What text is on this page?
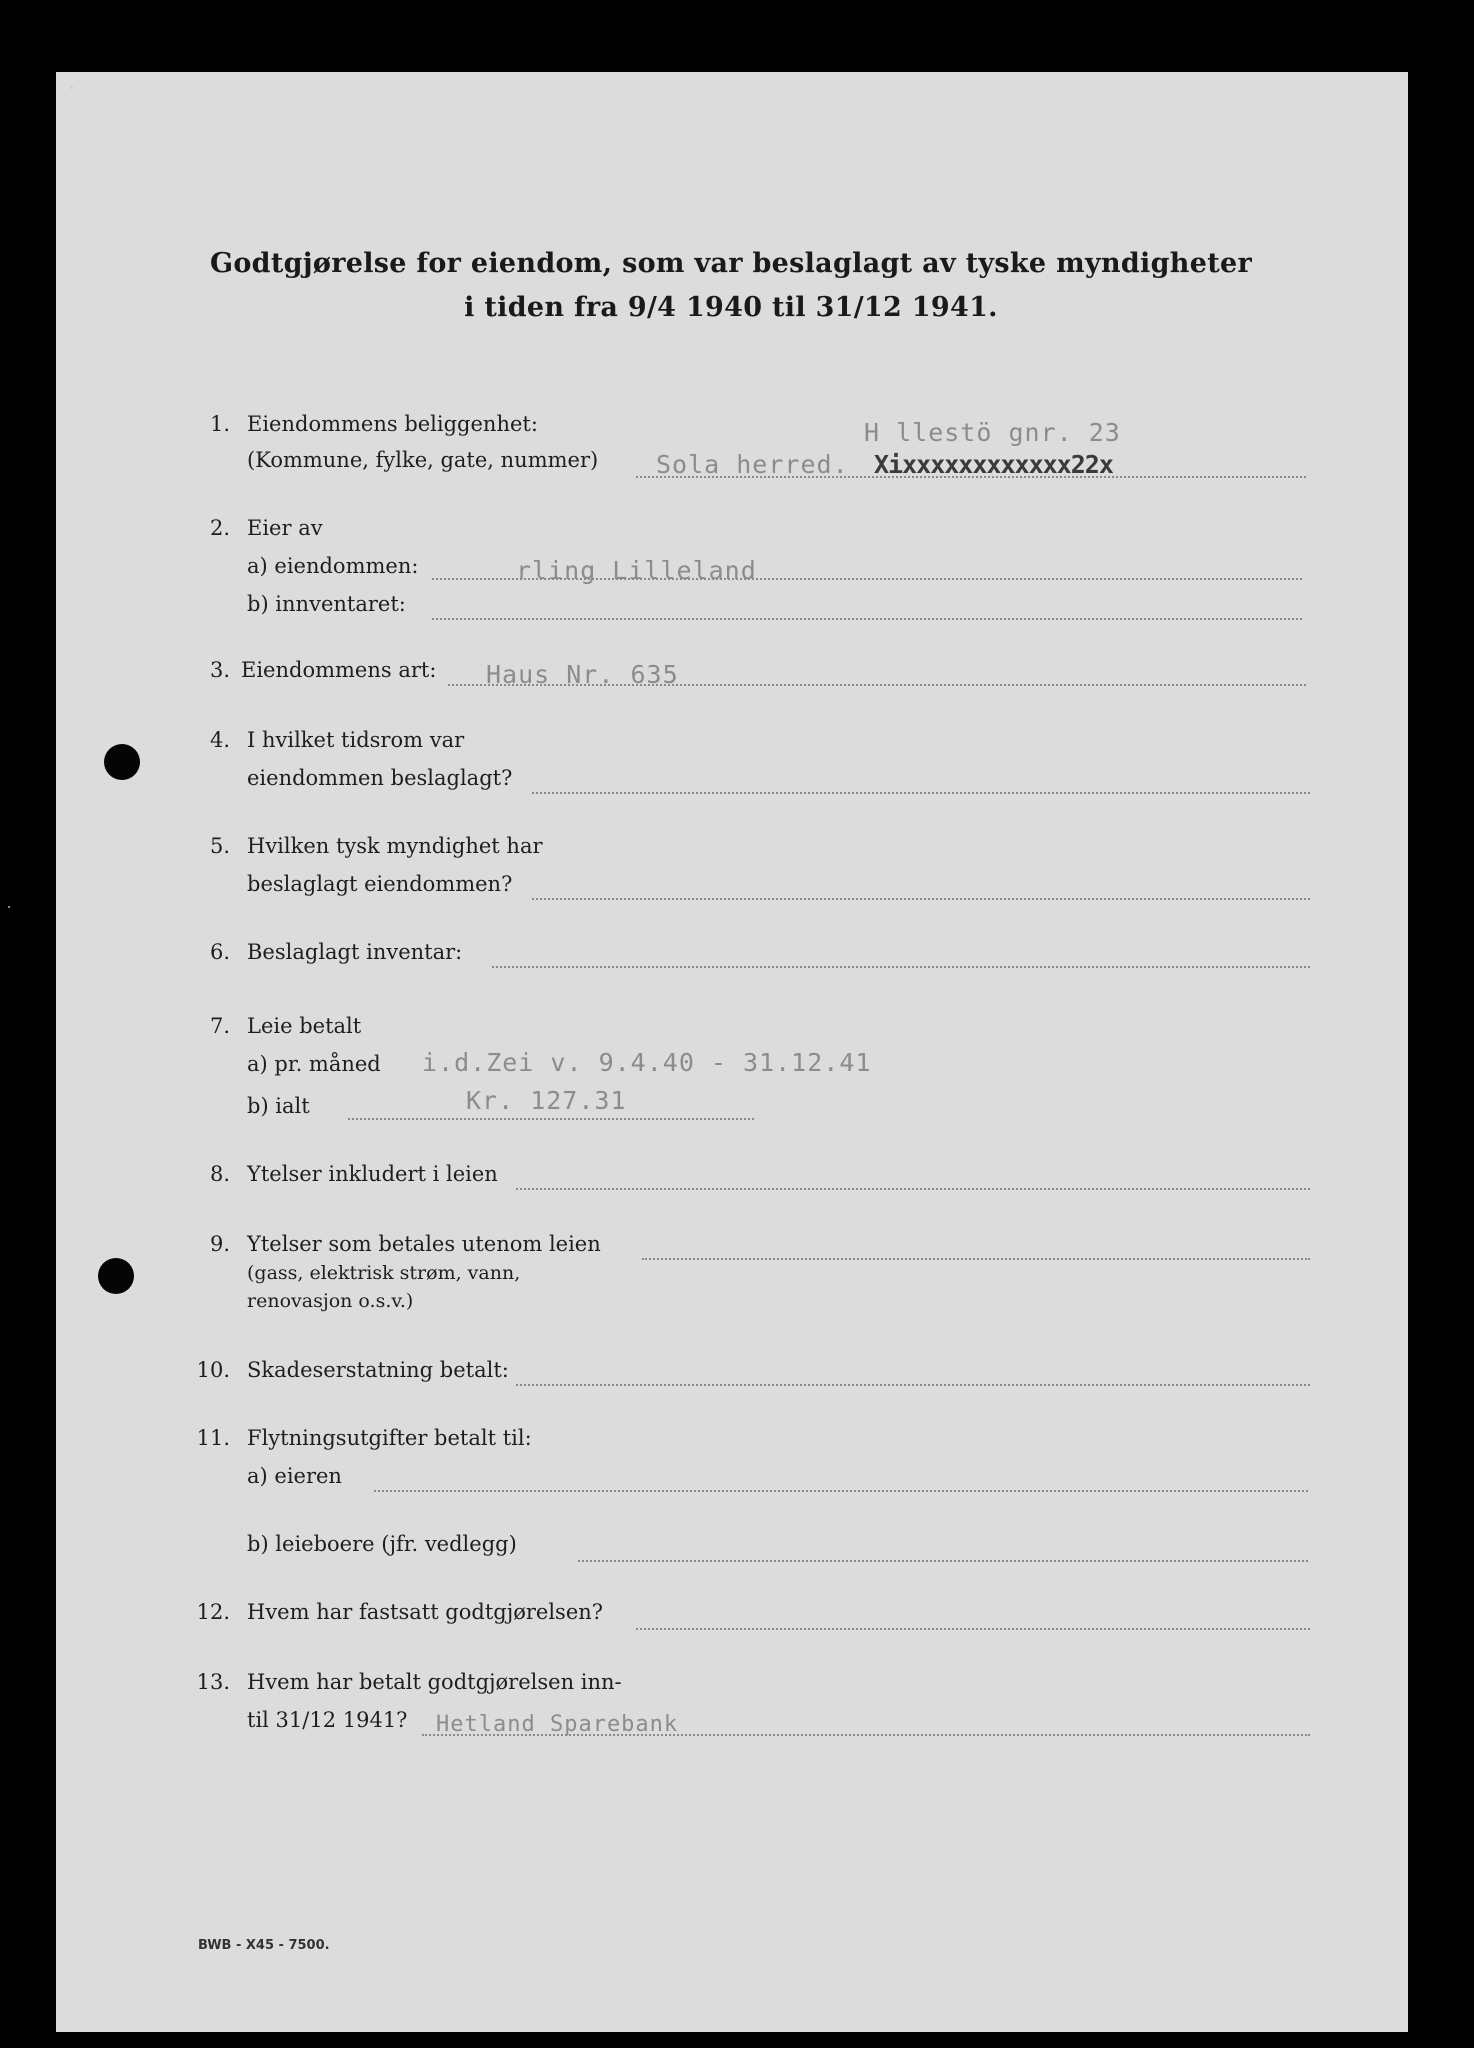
Godtgjørelse for eiendom, som var beslaglagt av tyske myndigheter
i tiden fra 9/4 1940 til 31/12 1941.
1. Eiendommens beliggenhet:
(Kommune, fylke, gate, nummer)
H llestö gnr. 23
Sola herred. Xixxxxxxxxxxxx22x
2. Eier av
a) eiendommen:	rling Lilleland
b) innventaret:
3. Eiendommens art: Haus Nr. 635
4. I hvilket tidsrom var
eiendommen beslaglagt?
5. Hvilken tysk myndighet har
beslaglagt eiendommen?
6. Beslaglagt inventar:
7. Leie betalt
a) pr. måned i.d.Zei v. 9.4.40 - 31.12.41
b) ialt	Kr. 127.31
8. Ytelser inkludert i leien
9. Ytelser som betales utenom leien
(gass, elektrisk strøm, vann,
renovasjon o.s.v.)
10. Skadeserstatning betalt:
11. Flytningsutgifter betalt til:
a) eieren
b) leieboere (jfr. vedlegg)
12. Hvem har fastsatt godtgjørelsen?
13. Hvem har betalt godtgjørelsen inn-
til 31/12 1941? Hetland Sparebank
BWB - X45 - 7500.
